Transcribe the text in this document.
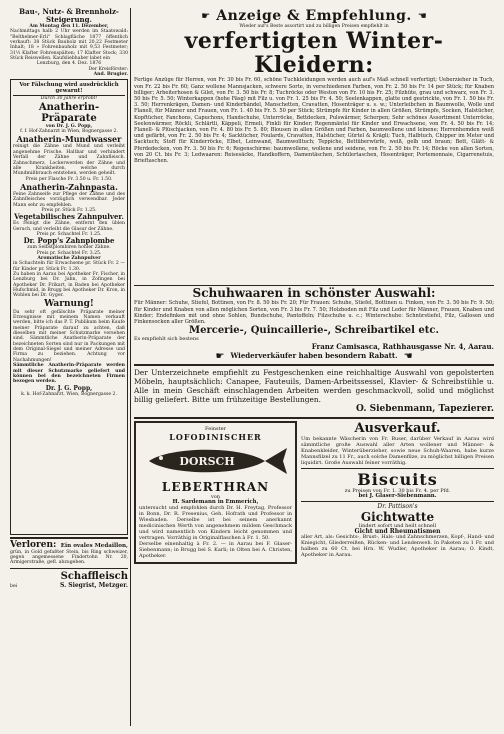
Bau-, Nutz- & Brennholz-
Steigerung.
Am Montag den 11. Dezember,
Nachmittags halb 2 Uhr werden im Staatswald: "Belthelmer-Erli" Schlagfläche 1877 öffentlich verkauft: 38 Stück Bauholz mit 20,22 Festmeter Inhalt; 18 » Fohrenbauholz mit 9,53 Festmeter; 31½ Klafter Fohrenspälten; 17 Klafter Stock; 330 Stück Reiswellen. Kaufsliebhaber labet ein
Lenzburg, den 4. Dez. 1876
Der Kreisförster:
And. Brugier.
Vor Fälschung wird ausdrücklich gewarnt!
Durch 30 Jahre erprobt!
Anatherin-Präparate
von Dr. J. G. Popp,
f. f. Hof-Zahnarzt in Wien, Bognergasse 2.
Anatherin-Mundwasser
reinigt die Zähne und Mund und verleiht angenehme Frische. Haltbar und verhindert Verfall der Zähne und Zahnfleisch. Zahnschmerz, Lockerwerden der Zähne und alle Krankheiten, welche durch Mundmißbrauch entstehen, werden geheilt.
Preis per Flasche Fr. 3.50 u. Fr. 1.50.
Anatherin-Zahnpasta.
Feine Zahnseife zur Pflege der Zähne und des Zahnfleisches vorzüglich verwendbar. Jeder Mann sehr zu empfehlen.
Preis pr. Stück Fr. 1.25.
Vegetabilisches Zahnpulver.
Es reinigt die Zähne, entfernt den üblen Geruch, und verleiht die Glasur der Zähne.
Preis pr. Schachtel Fr. 1.25.
Dr. Popp's Zahnplombe
zum Selbstplombiren hohler Zähne.
Preis pr. Schachtel Fr. 3.25.
Aromatische Zahnpulver
in Schachteln für Erwachsene pr. Stück Fr. 2 — für Kinder pr. Stück Fr. 1.30.
Zu haben in Aarau bei Apotheker Fr. Fischer, in Lenzburg bei Dr. Jahn, in Zofingen bei Apotheker Dr. Frikart, in Baden bei Apotheker Hufschmid, in Brugg bei Apotheker Dr. Kron, in Wohlen bei Dr. Gyger.
Warnung!
Da sehr oft gefälschte Präparate meiner Erzeugnisse mit meinem Namen verkauft werden, bitte ich das P. T. Publikum beim Kaufe meiner Präparate darauf zu achten, daß dieselben mit meiner Schutzmarke versehen sind. Sämmtliche Anatherin-Präparate der bezeichneten Sorten sind nur in Packungen mit dem Original-Siegel und meiner Adresse und Firma zu beziehen. Achtung vor Nachahmungen!
Sämmtliche Anatherin-Präparate werden mit dieser Schutzmarke geliefert und können bei den bezeichneten Firmen bezogen werden.
Dr. J. G. Popp,
k. k. Hof-Zahnarzt, Wien, Bognergasse 2.
Verloren: Ein ovales Medaillon,
grün, in Gold gefaßter Stein, bis Ring schweizer, gegen angemessene Findertohn Nr. 20, Armigerstraße, gefl. abzugeben.
Schaffleisch
bei	S. Siegrist, Metzger.
☛ Anzeige & Empfehlung. ☚
Wieder auf's Beste assortirt und zu billigen Preisen empfiehlt in
verfertigten Winter-Kleidern:
Fertige Anzüge für Herren, von Fr. 30 bis Fr. 60, schöne Tuchkleidungen werden auch auf's Maß schnell verfertigt; Ueberzieher in Tuch, von Fr. 22 bis Fr. 60; Ganz wollene Mannsjacken, schwere Sorte, in verschiedenen Farben, von Fr. 2. 50 bis Fr. 14 per Stück; für Knaben billiger; Arbeiterhosen & Gilet, von Fr. 3. 50 bis Fr. 8; Tuchröcke oder Weston von Fr. 10 bis Fr. 25; Filzhüte, grau und schwarz, von Fr. 3. 50 bis Fr. 5. 50; Winterkappen (hohe Fäsg) mit Filz u. von Fr. 1. 25 bis Fr. 4. 50; Seelenkappen, glatte und gestrickte, von Fr. 1. 50 bis Fr. 3. 50; Herrenkrägen, Damen- und Kinderbändel, Manschetten, Cravatten, Hosenträger u. s. w.; Unterleibchen in Baumwolle, Wolle und Flanell, für Männer und Frauen, von Fr. 1. 40 bis Fr. 5. 50 per Stück; Strümpfe für Kinder in allen Größen, Strümpfe, Socken, Halstücher, Kopftücher, Fanchons, Capuchons, Handschuhe, Unterröcke, Bettdecken, Pulswärmer, Scherpen; Sehr schönes Assortiment Unterröcke, Seelenwärmer, Röckli, Schlärtli, Käppeli, Ermeli, Finkli für Kinder; Regenmäntel für Kinder und Erwachsene, von Fr. 4. 50 bis Fr. 14; Flanell- & Plüschjacken, von Fr. 4. 80 bis Fr. 5. 80; Blousen in allen Größen und Farben, baumwollene und leinene; Herrenhemden weiß und gefärbt, von Fr. 2. 50 bis Fr. 4; Sacktücher, Foulards, Cravatten, Halstücher, Gürtel & Krägli; Tuch, Halbtuch, Chipper im Meter und Sacktuch; Stoff für Kinderröcke, Elbet, Leinwand, Baumwolltuch; Teppiche, Bettüberwürfe, weiß, gelb und braun; Bett, Glätt- & Pferdedecken, von Fr. 3. 50 bis Fr. 6; Regenschirme: baumwollene, wollene und seidene, von Fr. 2. 50 bis Fr. 14; Röcke von allen Sorten, von 20 Ct. bis Fr. 3; Ledwaaren: Reisesäcke, Handkoffern, Damentäschen, Schülertaschen, Hosenträger, Portemonnaie, Cigarrenetuis, Brieftaschen.
Schuhwaaren in schönster Auswahl:
Für Männer: Schuhe, Stiefel, Bottinen, von Fr. 8. 50 bis Fr. 20; Für Frauen: Schuhe, Stiefel, Bottinen u. Finken, von Fr. 3. 50 bis Fr. 9. 50; für Kinder und Knaben von allen möglichen Sorten, von Fr. 3 bis Fr. 7. 50; Holzboden mit Filz und Leder für Männer, Frauen, Knaben und Kinder; Endefinken mit und ohne Sohlen, Bundschuhe, Pantoffeln; Filzschuhe u. c.; Winterschuhe: Schnürstiefel, Filz, Gallosen und Finkensocken aller Größen.
Mercerie-, Quincaillerie-, Schreibartikel etc.
Es empfiehlt sich bestens
Franz Camisasca, Rathhausgasse Nr. 4, Aarau.
☛ Wiederverkäufer haben besondern Rabatt. ☚
Der Unterzeichnete empfiehlt zu Festgeschenken eine reichhaltige Auswahl von gepolsterten Möbeln, hauptsächlich: Canapee, Fauteuils, Damen-Arbeitssessel, Klavier- & Schreibstühle u. Alle in mein Geschäft einschlagenden Arbeiten werden geschmackvoll, solid und möglichst billig geliefert. Bitte um frühzeitige Bestellungen.
O. Siebenmann, Tapezierer.
Feinster
LOFODINISCHER
DORSCH
LEBERTHRAN
von
H. Sardemann in Emmerich,
untersucht und empfohlen durch Dr. H. Freytag, Professor in Bonn, Dr. R. Fresenius, Geh. Hofrath und Professor in Wiesbaden. Derselbe ist bei seinem anerkannt medicinischen Werth von angenehmem mildem Geschmack und wird namentlich von Kindern leicht genommen und vertragen. Vorräthig in Originalflaschen à Fr. 1. 50.
Derselbe einenhaltig à Fr. 2. — in Aarau bei F. Glaser-Siebenmann; in Brugg bei S. Karli; in Olten bei A. Christen, Apotheker.
Ausverkauf.
Um bekannte Wäscherin von Fr. Buser, darüber Verkauf in Aarau wird sämmtliche große Auswahl aller Arten wollener und Männer- & Knabenkleider, Winterüberzieher, sowie neue Schuh-Waaren, habe kurze Mannsfilzel zu 11 Fr., auch solche Damenfilze, zu möglichst billigen Preisen liquidirt. Große Auswahl feiner vorräthig.
Biscuits
zu Preisen von Fr. 1. 30 bis Fr. 4. per Pfd.
bei J. Glaser-Siebenmann.
Dr. Pattison's
Gichtwatte
lindert sofort und heilt schnell
Gicht und Rheumatismen
aller Art, als: Gesichts-, Brust-, Hals- und Zahnschmerzen, Kopf-, Hand- und Kniegicht, Gliederreißen, Rücken- und Lendenweh. In Paketen zu 1 Fr. und halben zu 60 Ct. bei Hrn. W. Wudler, Apotheker in Aarau; O. Kindt, Apotheker in Aarau.
